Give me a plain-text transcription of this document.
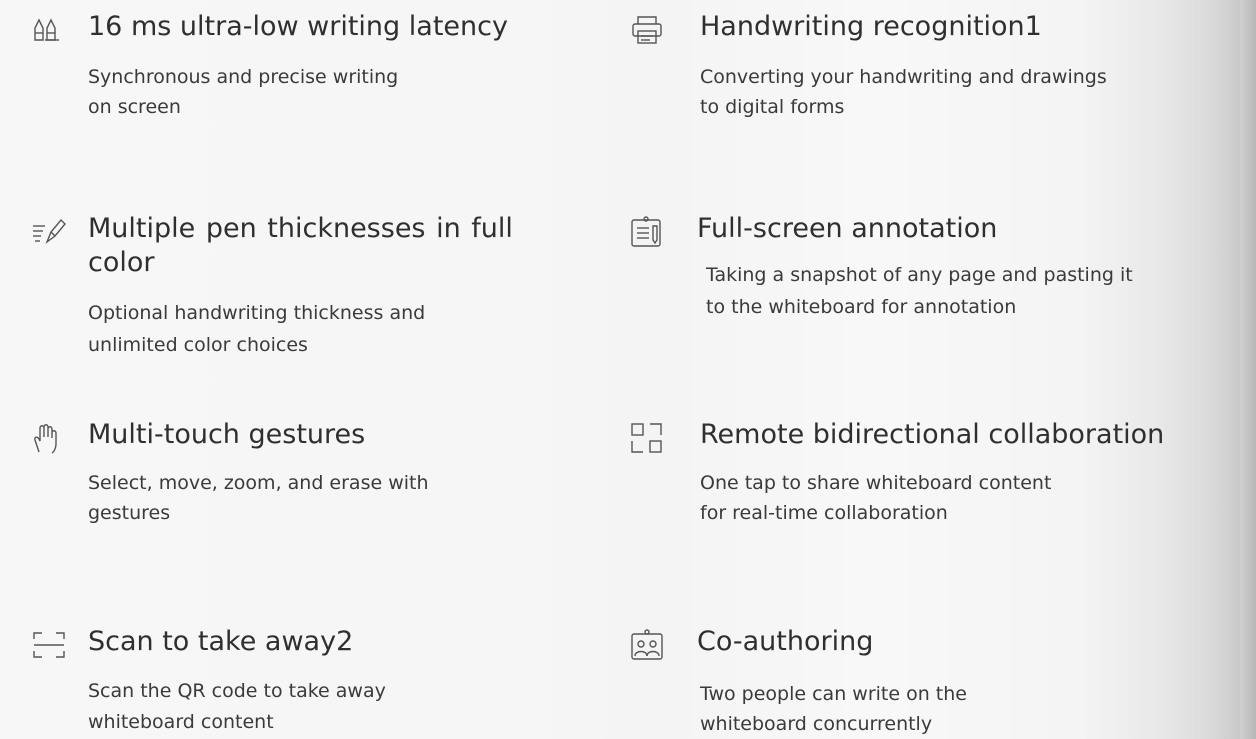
16 ms ultra-low writing latency
Synchronous and precise writing
on screen
Multiple pen thicknesses in full color
Optional handwriting thickness and
unlimited color choices
Multi-touch gestures
Select, move, zoom, and erase with
gestures
Scan to take away2
Scan the QR code to take away
whiteboard content
Handwriting recognition1
Converting your handwriting and drawings
to digital forms
Full-screen annotation
Taking a snapshot of any page and pasting it
to the whiteboard for annotation
Remote bidirectional collaboration
One tap to share whiteboard content
for real-time collaboration
Co-authoring
Two people can write on the
whiteboard concurrently
